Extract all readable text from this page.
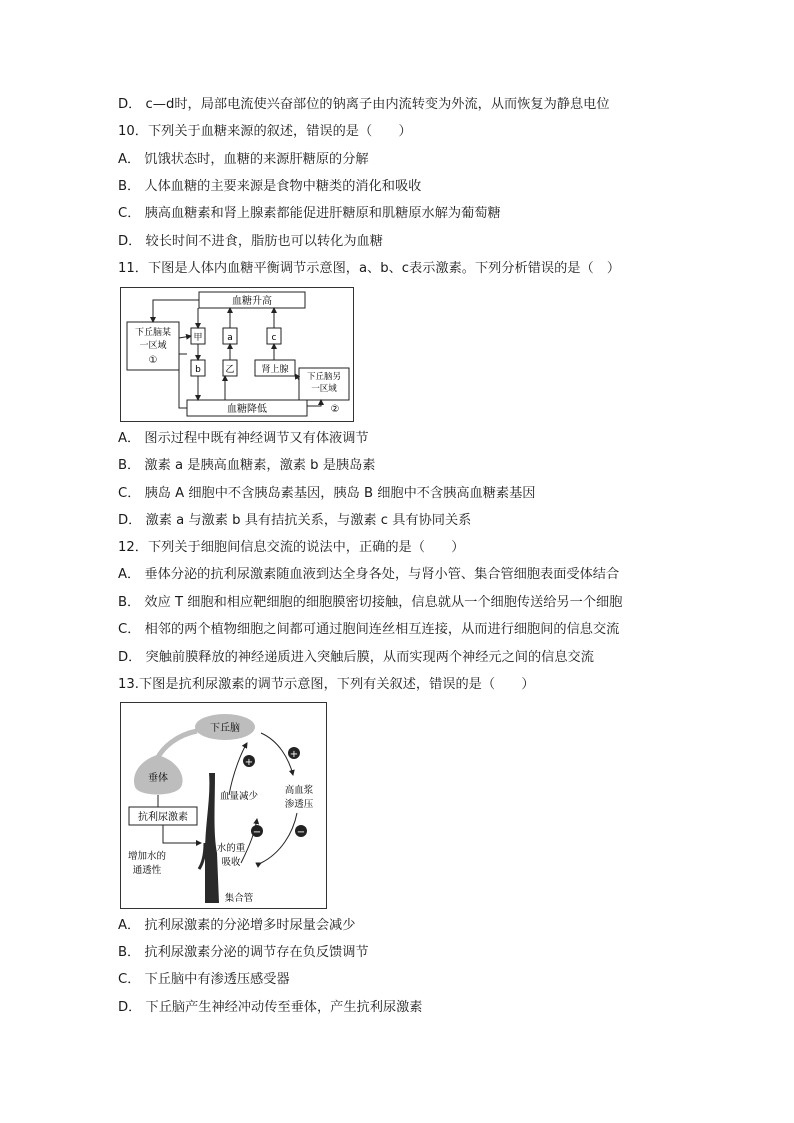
D． c—d时，局部电流使兴奋部位的钠离子由内流转变为外流，从而恢复为静息电位
10．下列关于血糖来源的叙述，错误的是（　　）
A． 饥饿状态时，血糖的来源肝糖原的分解
B． 人体血糖的主要来源是食物中糖类的消化和吸收
C． 胰高血糖素和肾上腺素都能促进肝糖原和肌糖原水解为葡萄糖
D． 较长时间不进食，脂肪也可以转化为血糖
11．下图是人体内血糖平衡调节示意图，a、b、c表示激素。下列分析错误的是（　）
血糖升高
血糖降低
下丘脑某
一区域
①
甲	a	c
b	乙	肾上腺
下丘脑另
一区域
②
A． 图示过程中既有神经调节又有体液调节
B． 激素 a 是胰高血糖素，激素 b 是胰岛素
C． 胰岛 A 细胞中不含胰岛素基因，胰岛 B 细胞中不含胰高血糖素基因
D． 激素 a 与激素 b 具有拮抗关系，与激素 c 具有协同关系
12．下列关于细胞间信息交流的说法中，正确的是（　　）
A． 垂体分泌的抗利尿激素随血液到达全身各处，与肾小管、集合管细胞表面受体结合
B． 效应 T 细胞和相应靶细胞的细胞膜密切接触，信息就从一个细胞传送给另一个细胞
C． 相邻的两个植物细胞之间都可通过胞间连丝相互连接，从而进行细胞间的信息交流
D． 突触前膜释放的神经递质进入突触后膜，从而实现两个神经元之间的信息交流
13.下图是抗利尿激素的调节示意图，下列有关叙述，错误的是（　　）
下丘脑
垂体
抗利尿激素
增加水的
通透性
水的重
吸收
集合管
血量减少
高血浆
渗透压
+
+
−	−
A． 抗利尿激素的分泌增多时尿量会减少
B． 抗利尿激素分泌的调节存在负反馈调节
C． 下丘脑中有渗透压感受器
D． 下丘脑产生神经冲动传至垂体，产生抗利尿激素
